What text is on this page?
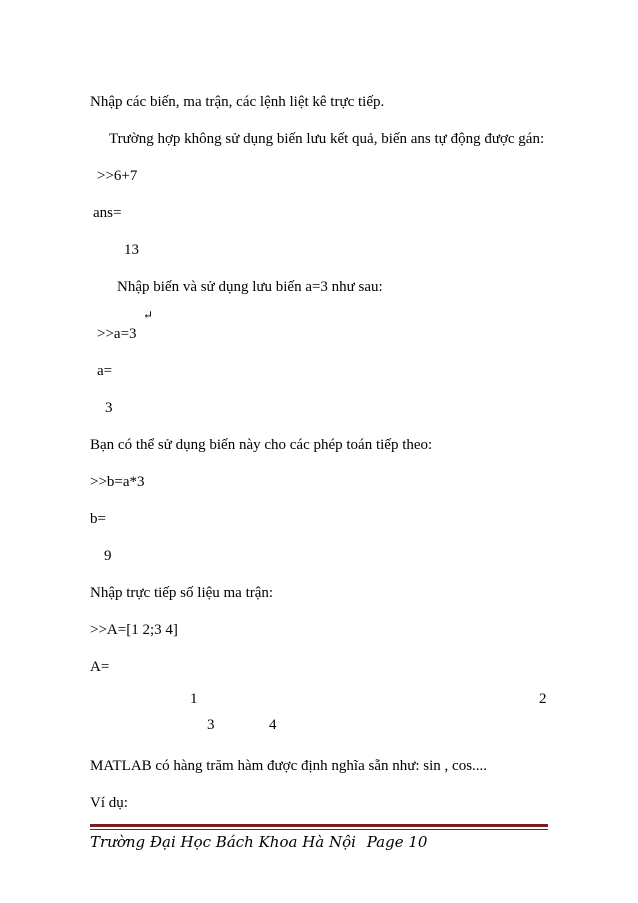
Nhập các biến, ma trận, các lệnh liệt kê trực tiếp.
Trường hợp không sử dụng biến lưu kết quả, biến ans tự động được gán:
>>6+7
ans=
13
Nhập biến và sử dụng lưu biến a=3 như sau:
↵
>>a=3
a=
3
Bạn có thể sử dụng biến này cho các phép toán tiếp theo:
>>b=a*3
b=
9
Nhập trực tiếp số liệu ma trận:
>>A=[1 2;3 4]
A=
1	2
3	4
MATLAB có hàng trăm hàm được định nghĩa sẵn như: sin , cos....
Ví dụ:
Trường Đại Học Bách Khoa Hà Nội Page 10
